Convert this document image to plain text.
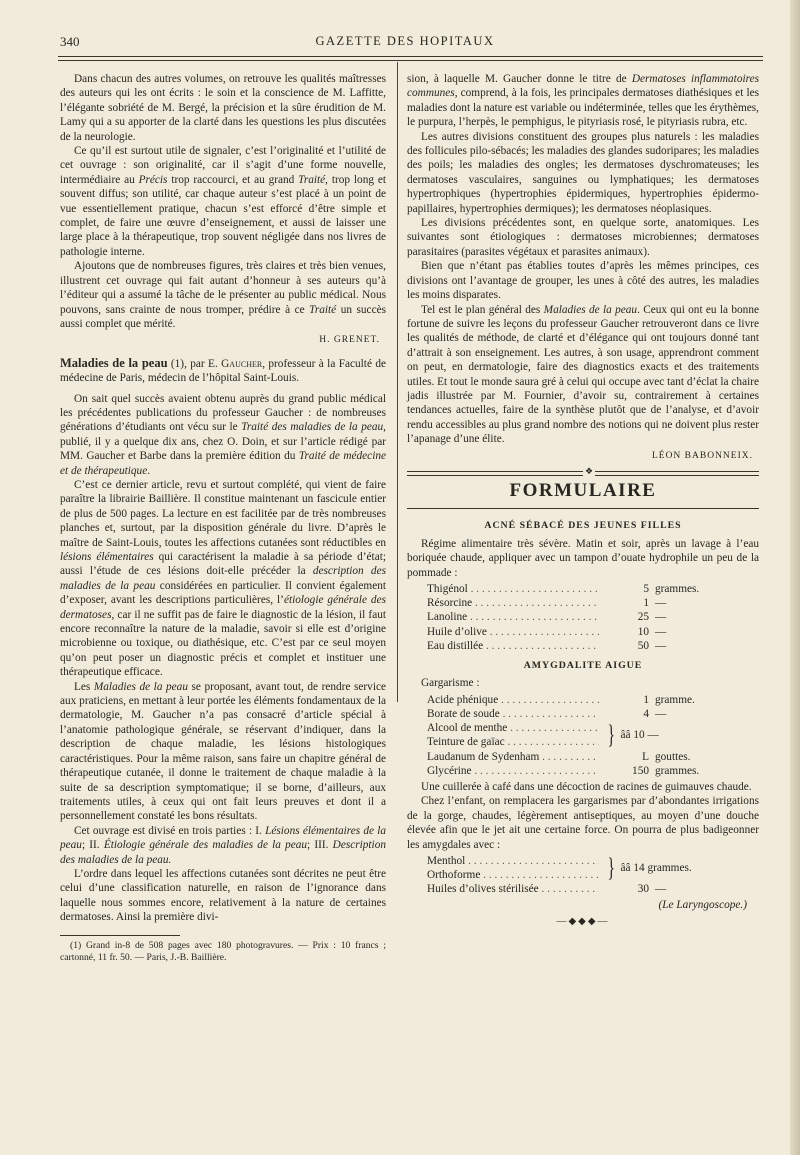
340	GAZETTE DES HOPITAUX

Dans chacun des autres volumes, on retrouve les qualités maîtresses des auteurs qui les ont écrits : le soin et la conscience de M. Laffitte, l’élégante sobriété de M. Bergé, la précision et la sûre érudition de M. Lamy qui a su apporter de la clarté dans les questions les plus discutées de la neurologie.

Ce qu’il est surtout utile de signaler, c’est l’originalité et l’utilité de cet ouvrage : son originalité, car il s’agit d’une forme nouvelle, intermédiaire au Précis trop raccourci, et au grand Traité, trop long et souvent diffus; son utilité, car chaque auteur s’est placé à un point de vue essentiellement pratique, chacun s’est efforcé d’être simple et complet, de faire une œuvre d’enseignement, et aussi de laisser une large place à la thérapeutique, trop souvent négligée dans nos livres de pathologie interne.

Ajoutons que de nombreuses figures, très claires et très bien venues, illustrent cet ouvrage qui fait autant d’honneur à ses auteurs qu’à l’éditeur qui a assumé la tâche de le présenter au public médical. Nous pouvons, sans crainte de nous tromper, prédire à ce Traité un succès aussi complet que mérité.

H. GRENET.

Maladies de la peau (1), par E. Gaucher, professeur à la Faculté de médecine de Paris, médecin de l’hôpital Saint-Louis.

On sait quel succès avaient obtenu auprès du grand public médical les précédentes publications du professeur Gaucher : de nombreuses générations d’étudiants ont vécu sur le Traité des maladies de la peau, publié, il y a quelque dix ans, chez O. Doin, et sur l’article rédigé par MM. Gaucher et Barbe dans la première édition du Traité de médecine et de thérapeutique.

C’est ce dernier article, revu et surtout complété, qui vient de faire paraître la librairie Baillière. Il constitue maintenant un fascicule entier de plus de 500 pages. La lecture en est facilitée par de très nombreuses planches et, surtout, par la disposition générale du livre. D’après le maître de Saint-Louis, toutes les affections cutanées sont réductibles en lésions élémentaires qui caractérisent la maladie à sa période d’état; aussi l’étude de ces lésions doit-elle précéder la description des maladies de la peau considérées en particulier. Il convient également d’exposer, avant les descriptions particulières, l’étiologie générale des dermatoses, car il ne suffit pas de faire le diagnostic de la lésion, il faut encore reconnaître la nature de la maladie, savoir si elle est d’origine microbienne ou toxique, ou diathésique, etc. C’est par ce seul moyen qu’on peut poser un diagnostic précis et complet et instituer une thérapeutique efficace.

Les Maladies de la peau se proposant, avant tout, de rendre service aux praticiens, en mettant à leur portée les éléments fondamentaux de la dermatologie, M. Gaucher n’a pas consacré d’article spécial à l’anatomie pathologique générale, se réservant d’indiquer, dans la description de chaque maladie, les lésions histologiques caractéristiques. Pour la même raison, sans faire un chapitre général de thérapeutique cutanée, il donne le traitement de chaque maladie à la suite de sa description symptomatique; il se borne, d’ailleurs, aux traitements utiles, à ceux qui ont fait leurs preuves et dont il a personnellement constaté les bons résultats.

Cet ouvrage est divisé en trois parties : I. Lésions élémentaires de la peau; II. Étiologie générale des maladies de la peau; III. Description des maladies de la peau.

L’ordre dans lequel les affections cutanées sont décrites ne peut être celui d’une classification naturelle, en raison de l’ignorance dans laquelle nous sommes encore, relativement à la nature de certaines dermatoses. Ainsi la première divi-

(1) Grand in-8 de 508 pages avec 180 photogravures. — Prix : 10 francs ; cartonné, 11 fr. 50. — Paris, J.-B. Baillière.

sion, à laquelle M. Gaucher donne le titre de Dermatoses inflammatoires communes, comprend, à la fois, les principales dermatoses diathésiques et les maladies dont la nature est variable ou indéterminée, telles que les érythèmes, le purpura, l’herpès, le pemphigus, le pityriasis rosé, le pityriasis rubra, etc.

Les autres divisions constituent des groupes plus naturels : les maladies des follicules pilo-sébacés; les maladies des glandes sudoripares; les maladies des poils; les maladies des ongles; les dermatoses dyschromateuses; les dermatoses vasculaires, sanguines ou lymphatiques; les dermatoses hypertrophiques (hypertrophies épidermiques, hypertrophies épidermo-papillaires, hypertrophies dermiques); les dermatoses néoplasiques.

Les divisions précédentes sont, en quelque sorte, anatomiques. Les suivantes sont étiologiques : dermatoses microbiennes; dermatoses parasitaires (parasites végétaux et parasites animaux).

Bien que n’étant pas établies toutes d’après les mêmes principes, ces divisions ont l’avantage de grouper, les unes à côté des autres, les maladies les moins disparates.

Tel est le plan général des Maladies de la peau. Ceux qui ont eu la bonne fortune de suivre les leçons du professeur Gaucher retrouveront dans ce livre les qualités de méthode, de clarté et d’élégance qui ont toujours donné tant d’attrait à son enseignement. Les autres, à son usage, apprendront comment on peut, en dermatologie, faire des diagnostics exacts et des traitements utiles. Et tout le monde saura gré à celui qui occupe avec tant d’éclat la chaire jadis illustrée par M. Fournier, d’avoir su, contrairement à certaines tendances actuelles, faire de la synthèse plutôt que de l’analyse, et d’avoir rendu accessibles au plus grand nombre des notions qui ne doivent plus rester l’apanage d’une élite.

LÉON BABONNEIX.

❖
FORMULAIRE
ACNÉ SÉBACÉ DES JEUNES FILLES

Régime alimentaire très sévère. Matin et soir, après un lavage à l’eau boriquée chaude, appliquer avec un tampon d’ouate hydrophile un peu de la pommade :

Thigénol . . .	5 grammes.
Résorcine . . .	1 —
Lanoline . . .	25 —
Huile d’olive . . .	10 —
Eau distillée . . .	50 —
AMYGDALITE AIGUE

Gargarisme :

Acide phénique . . .	1 gramme.
Borate de soude . . .	4 —
Alcool de menthe . . .
Teinture de gaïac . . .	} ââ 10 —
Laudanum de Sydenham . . .	L gouttes.
Glycérine . . .	150 grammes.

Une cuillerée à café dans une décoction de racines de guimauves chaude.

Chez l’enfant, on remplacera les gargarismes par d’abondantes irrigations de la gorge, chaudes, légèrement antiseptiques, au moyen d’une douche élevée afin que le jet ait une certaine force. On pourra de plus badigeonner les amygdales avec :

Menthol . . .
Orthoforme . . .	} ââ 14 grammes.
Huiles d’olives stérilisée . . .	30 —

(Le Laryngoscope.)

—◆◆◆—
